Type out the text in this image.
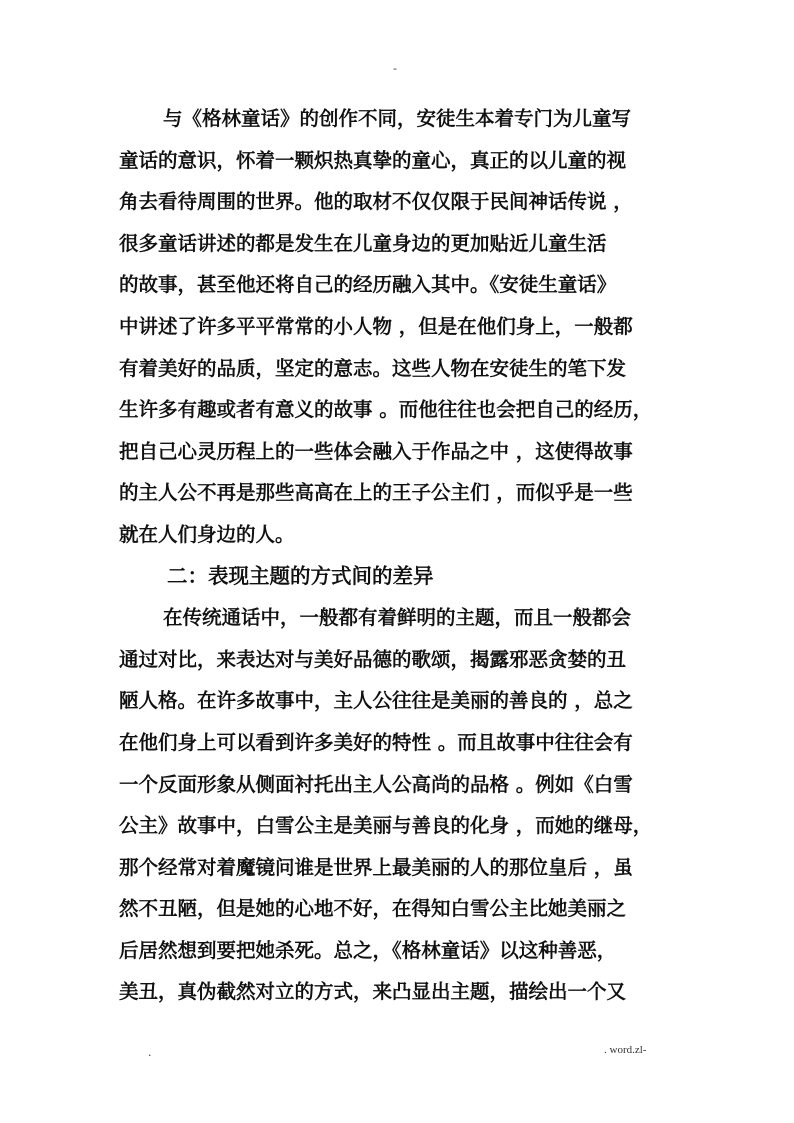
-
与《格林童话》的创作不同，安徒生本着专门为儿童写
童话的意识，怀着一颗炽热真挚的童心，真正的以儿童的视
角去看待周围的世界。他的取材不仅仅限于民间神话传说 ，
很多童话讲述的都是发生在儿童身边的更加贴近儿童生活
的故事，甚至他还将自己的经历融入其中。《安徒生童话》
中讲述了许多平平常常的小人物 ，但是在他们身上，一般都
有着美好的品质，坚定的意志。这些人物在安徒生的笔下发
生许多有趣或者有意义的故事 。而他往往也会把自己的经历，
把自己心灵历程上的一些体会融入于作品之中 ，这使得故事
的主人公不再是那些高高在上的王子公主们 ，而似乎是一些
就在人们身边的人。
二：表现主题的方式间的差异
在传统通话中，一般都有着鲜明的主题，而且一般都会
通过对比，来表达对与美好品德的歌颂，揭露邪恶贪婪的丑
陋人格。在许多故事中，主人公往往是美丽的善良的 ，总之
在他们身上可以看到许多美好的特性 。而且故事中往往会有
一个反面形象从侧面衬托出主人公高尚的品格 。例如《白雪
公主》故事中，白雪公主是美丽与善良的化身 ，而她的继母，
那个经常对着魔镜问谁是世界上最美丽的人的那位皇后 ，虽
然不丑陋，但是她的心地不好，在得知白雪公主比她美丽之
后居然想到要把她杀死。总之，《格林童话》以这种善恶，
美丑，真伪截然对立的方式，来凸显出主题，描绘出一个又
.	. word.zl-
